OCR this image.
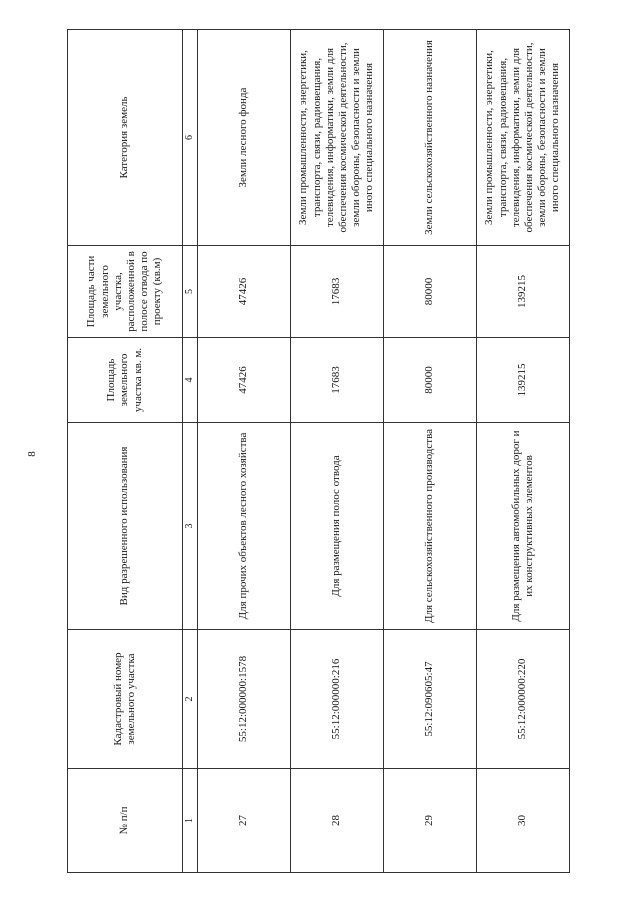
8
№ п/п	Кадастровый номер земельного участка	Вид разрешенного использования	Площадь земельного участка кв. м.	Площадь части земельного участка, расположенной в полосе отвода по проекту (кв.м)	Категория земель
1	2	3	4	5	6
27	55:12:000000:1578	Для прочих объектов лесного хозяйства	47426	47426	Земли лесного фонда
28	55:12:000000:216	Для размещения полос отвода	17683	17683	Земли промышленности, энергетики, транспорта, связи, радиовещания, телевидения, информатики, земли для обеспечения космической деятельности, земли обороны, безопасности и земли иного специального назначения
29	55:12:090605:47	Для сельскохозяйственного производства	80000	80000	Земли сельскохозяйственного назначения
30	55:12:000000:220	Для размещения автомобильных дорог и их конструктивных элементов	139215	139215	Земли промышленности, энергетики, транспорта, связи, радиовещания, телевидения, информатики, земли для обеспечения космической деятельности, земли обороны, безопасности и земли иного специального назначения
